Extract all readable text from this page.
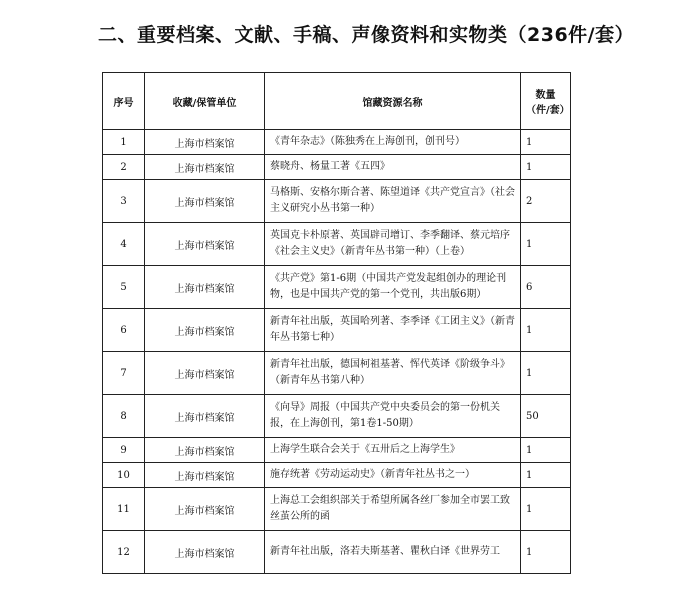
二、重要档案、文献、手稿、声像资料和实物类（236件/套）
序号	收藏/保管单位	馆藏资源名称	数量（件/套）
1	上海市档案馆	《青年杂志》（陈独秀在上海创刊，创刊号）	1
2	上海市档案馆	蔡晓舟、杨量工著《五四》	1
3	上海市档案馆	马格斯、安格尔斯合著、陈望道译《共产党宣言》（社会主义研究小丛书第一种）	2
4	上海市档案馆	英国克卡朴原著、英国辟司增订、李季翻译、蔡元培序《社会主义史》（新青年丛书第一种）（上卷）	1
5	上海市档案馆	《共产党》第1-6期（中国共产党发起组创办的理论刊物，也是中国共产党的第一个党刊，共出版6期）	6
6	上海市档案馆	新青年社出版，英国哈列著、李季译《工团主义》（新青年丛书第七种）	1
7	上海市档案馆	新青年社出版，德国柯祖基著、恽代英译《阶级争斗》（新青年丛书第八种）	1
8	上海市档案馆	《向导》周报（中国共产党中央委员会的第一份机关报，在上海创刊，第1卷1-50期）	50
9	上海市档案馆	上海学生联合会关于《五卅后之上海学生》	1
10	上海市档案馆	施存统著《劳动运动史》（新青年社丛书之一）	1
11	上海市档案馆	上海总工会组织部关于希望所属各丝厂参加全市罢工致丝茧公所的函	1
12	上海市档案馆	新青年社出版，洛若夫斯基著、瞿秋白译《世界劳工	1
